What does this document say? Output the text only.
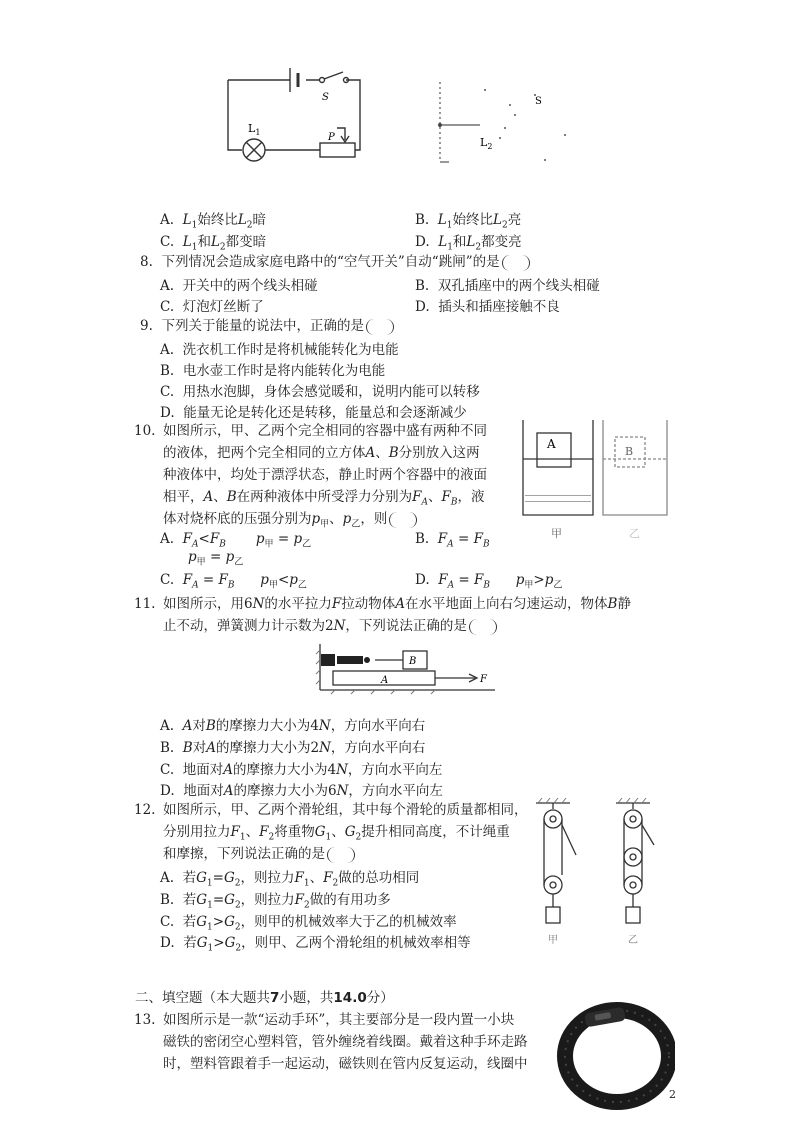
S
$L_1$	P
S
$L_2$
A.  $L_1$始终比$L_2$暗	B.  $L_1$始终比$L_2$亮
C.  $L_1$和$L_2$都变暗	D.  $L_1$和$L_2$都变亮
8. 下列情况会造成家庭电路中的“空气开关”自动“跳闸”的是
A. 开关中的两个线头相碰	B. 双孔插座中的两个线头相碰
C. 灯泡灯丝断了	D. 插头和插座接触不良
9. 下列关于能量的说法中，正确的是
A. 洗衣机工作时是将机械能转化为电能
B. 电水壶工作时是将内能转化为电能
C. 用热水泡脚，身体会感觉暖和，说明内能可以转移
D. 能量无论是转化还是转移，能量总和会逐渐减少
10. 如图所示，甲、乙两个完全相同的容器中盛有两种不同
的液体，把两个完全相同的立方体A、B分别放入这两
种液体中，均处于漂浮状态，静止时两个容器中的液面
相平，A、B在两种液体中所受浮力分别为$F_A$、$F_B$，液
体对烧杯底的压强分别为$p_甲$、$p_乙$，则
A.  $F_A<F_B$ $p_甲 = p_乙$	B.  $F_A = F_B$
$p_甲 = p_乙$
C.  $F_A = F_B$ $p_甲<p_乙$	D.  $F_A = F_B$ $p_甲>p_乙$
A
B
甲	乙
11. 如图所示，用6N的水平拉力F拉动物体A在水平地面上向右匀速运动，物体B静
止不动，弹簧测力计示数为2N，下列说法正确的是
B
A	F
A.  A对B的摩擦力大小为4N，方向水平向右
B.  B对A的摩擦力大小为2N，方向水平向右
C.  地面对A的摩擦力大小为4N，方向水平向左
D.  地面对A的摩擦力大小为6N，方向水平向左
12. 如图所示，甲、乙两个滑轮组，其中每个滑轮的质量都相同，
分别用拉力$F_1$、$F_2$将重物$G_1$、$G_2$提升相同高度，不计绳重
和摩擦，下列说法正确的是
A.  若$G_1=G_2$，则拉力$F_1$、$F_2$做的总功相同
B.  若$G_1=G_2$，则拉力$F_2$做的有用功多
C.  若$G_1>G_2$，则甲的机械效率大于乙的机械效率
D.  若$G_1>G_2$，则甲、乙两个滑轮组的机械效率相等	甲	乙
二、填空题（本大题共7小题，共14.0分）
13. 如图所示是一款“运动手环”，其主要部分是一段内置一小块
磁铁的密闭空心塑料管，管外缠绕着线圈。戴着这种手环走路
时，塑料管跟着手一起运动，磁铁则在管内反复运动，线圈中
2
